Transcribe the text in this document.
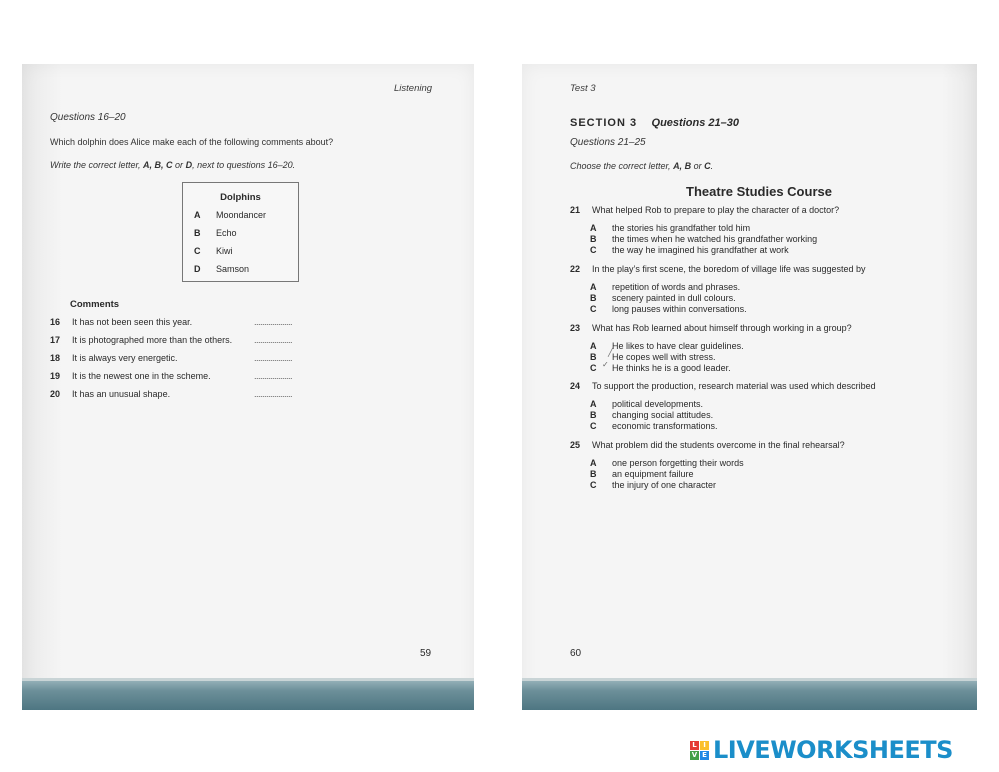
Listening
Questions 16–20
Which dolphin does Alice make each of the following comments about?
Write the correct letter, A, B, C or D, next to questions 16–20.
Dolphins
A Moondancer
B Echo
C Kiwi
D Samson
Comments
16 It has not been seen this year.	...................
17 It is photographed more than the others.	...................
18 It is always very energetic.	...................
19 It is the newest one in the scheme.	...................
20 It has an unusual shape.	...................
59
Test 3
SECTION 3 Questions 21–30
Questions 21–25
Choose the correct letter, A, B or C.
Theatre Studies Course
21 What helped Rob to prepare to play the character of a doctor?
A the stories his grandfather told him
B the times when he watched his grandfather working
C the way he imagined his grandfather at work
22 In the play’s first scene, the boredom of village life was suggested by
A repetition of words and phrases.
B scenery painted in dull colours.
C long pauses within conversations.
23 What has Rob learned about himself through working in a group?
A He likes to have clear guidelines.
B He copes well with stress.
C He thinks he is a good leader.
╱
✓
24 To support the production, research material was used which described
A political developments.
B changing social attitudes.
C economic transformations.
25 What problem did the students overcome in the final rehearsal?
A one person forgetting their words
B an equipment failure
C the injury of one character
60
L I
V E LIVEWORKSHEETS
